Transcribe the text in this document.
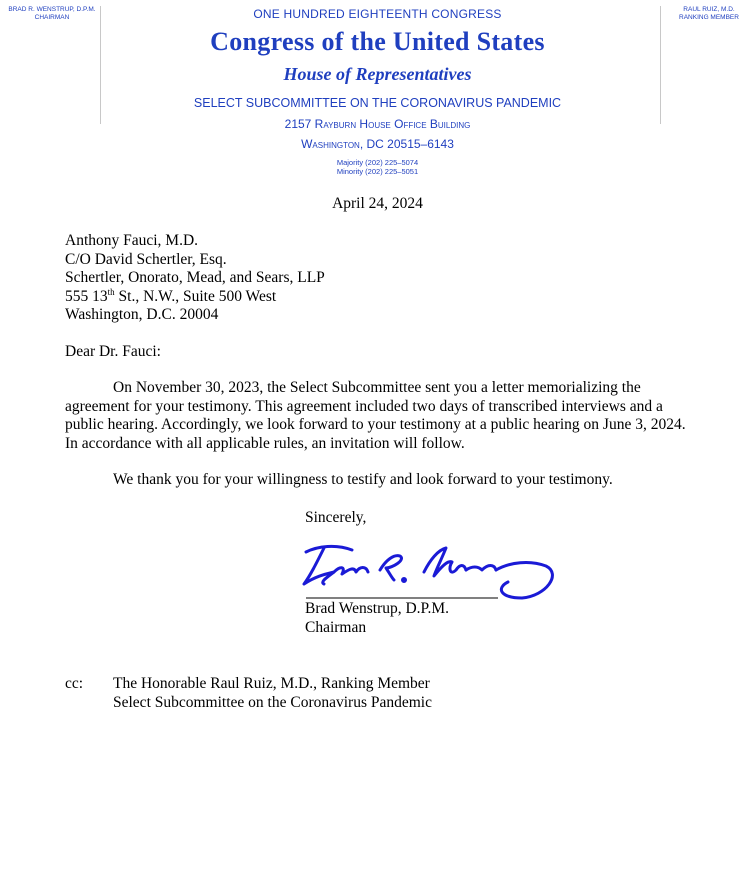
BRAD R. WENSTRUP, D.P.M.
CHAIRMAN
RAUL RUIZ, M.D.
RANKING MEMBER
ONE HUNDRED EIGHTEENTH CONGRESS
Congress of the United States
House of Representatives
SELECT SUBCOMMITTEE ON THE CORONAVIRUS PANDEMIC
2157 Rayburn House Office Building
Washington, DC 20515–6143
Majority (202) 225–5074
Minority (202) 225–5051
April 24, 2024
Anthony Fauci, M.D.
C/O David Schertler, Esq.
Schertler, Onorato, Mead, and Sears, LLP
555 13th St., N.W., Suite 500 West
Washington, D.C. 20004
Dear Dr. Fauci:
On November 30, 2023, the Select Subcommittee sent you a letter memorializing the agreement for your testimony. This agreement included two days of transcribed interviews and a public hearing. Accordingly, we look forward to your testimony at a public hearing on June 3, 2024. In accordance with all applicable rules, an invitation will follow.
We thank you for your willingness to testify and look forward to your testimony.
Sincerely,
Brad Wenstrup, D.P.M.
Chairman
cc: The Honorable Raul Ruiz, M.D., Ranking Member
Select Subcommittee on the Coronavirus Pandemic
